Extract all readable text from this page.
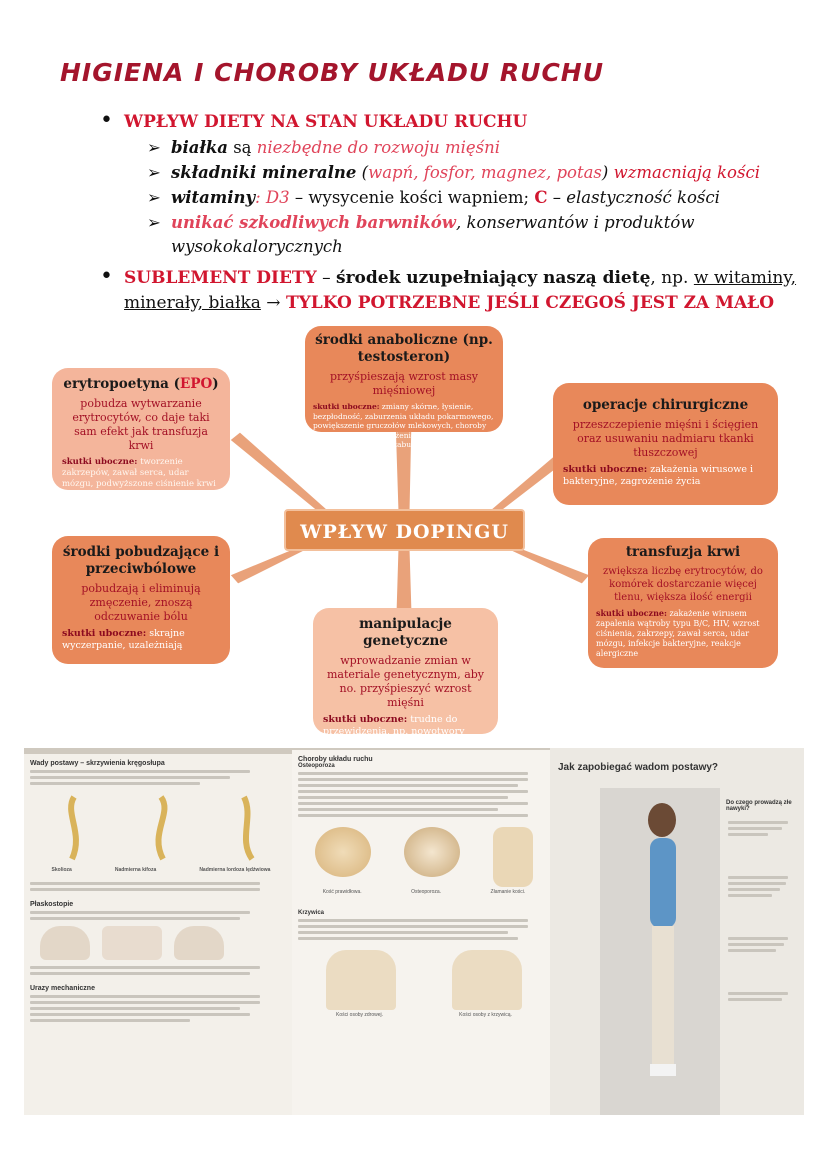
HIGIENA I CHOROBY UKŁADU RUCHU
• WPŁYW DIETY NA STAN UKŁADU RUCHU
➢ białka są niezbędne do rozwoju mięśni
➢ składniki mineralne (wapń, fosfor, magnez, potas) wzmacniają kości
➢ witaminy: D3 – wysycenie kości wapniem; C – elastyczność kości
➢ unikać szkodliwych barwników, konserwantów i produktów
wysokokalorycznych
• SUBLEMENT DIETY – środek uzupełniający naszą dietę, np. w witaminy,
minerały, białka → TYLKO POTRZEBNE JEŚLI CZEGOŚ JEST ZA MAŁO
środki anaboliczne (np. testosteron)
przyśpieszają wzrost masy mięśniowej
skutki uboczne: zmiany skórne, łysienie, bezpłodność, zaburzenia układu pokarmowego, powiększenie gruczołów mlekowych, choroby układu krążenia, obniżenie odporności i wzrost ryzyka nowotworów, zaburzenia psychiczne
erytropoetyna (EPO)
pobudza wytwarzanie erytrocytów, co daje taki sam efekt jak transfuzja krwi
skutki uboczne: tworzenie zakrzepów, zawał serca, udar mózgu, podwyższone ciśnienie krwi
operacje chirurgiczne
przeszczepienie mięśni i ścięgien oraz usuwaniu nadmiaru tkanki tłuszczowej
skutki uboczne: zakażenia wirusowe i bakteryjne, zagrożenie życia
WPŁYW DOPINGU
środki pobudzające i przeciwbólowe
pobudzają i eliminują zmęczenie, znoszą odczuwanie bólu
skutki uboczne: skrajne wyczerpanie, uzależniają
transfuzja krwi
zwiększa liczbę erytrocytów, do komórek dostarczanie więcej tlenu, większa ilość energii
skutki uboczne: zakażenie wirusem zapalenia wątroby typu B/C, HIV, wzrost ciśnienia, zakrzepy, zawał serca, udar mózgu, infekcje bakteryjne, reakcje alergiczne
manipulacje genetyczne
wprowadzanie zmian w materiale genetycznym, aby no. przyśpieszyć wzrost mięśni
skutki uboczne: trudne do przewidzenia, np. nowotwory
Wady postawy – skrzywienia kręgosłupa
Skolioza	Nadmierna kifoza	Nadmierna lordoza lędźwiowa
Płaskostopie
Urazy mechaniczne
Choroby układu ruchu
Osteoporoza
Kość prawidłowa.	Osteoporoza.	Złamanie kości.
Krzywica
Kości osoby zdrowej.	Kości osoby z krzywicą.
Jak zapobiegać wadom postawy?
Do czego prowadzą złe nawyki?
